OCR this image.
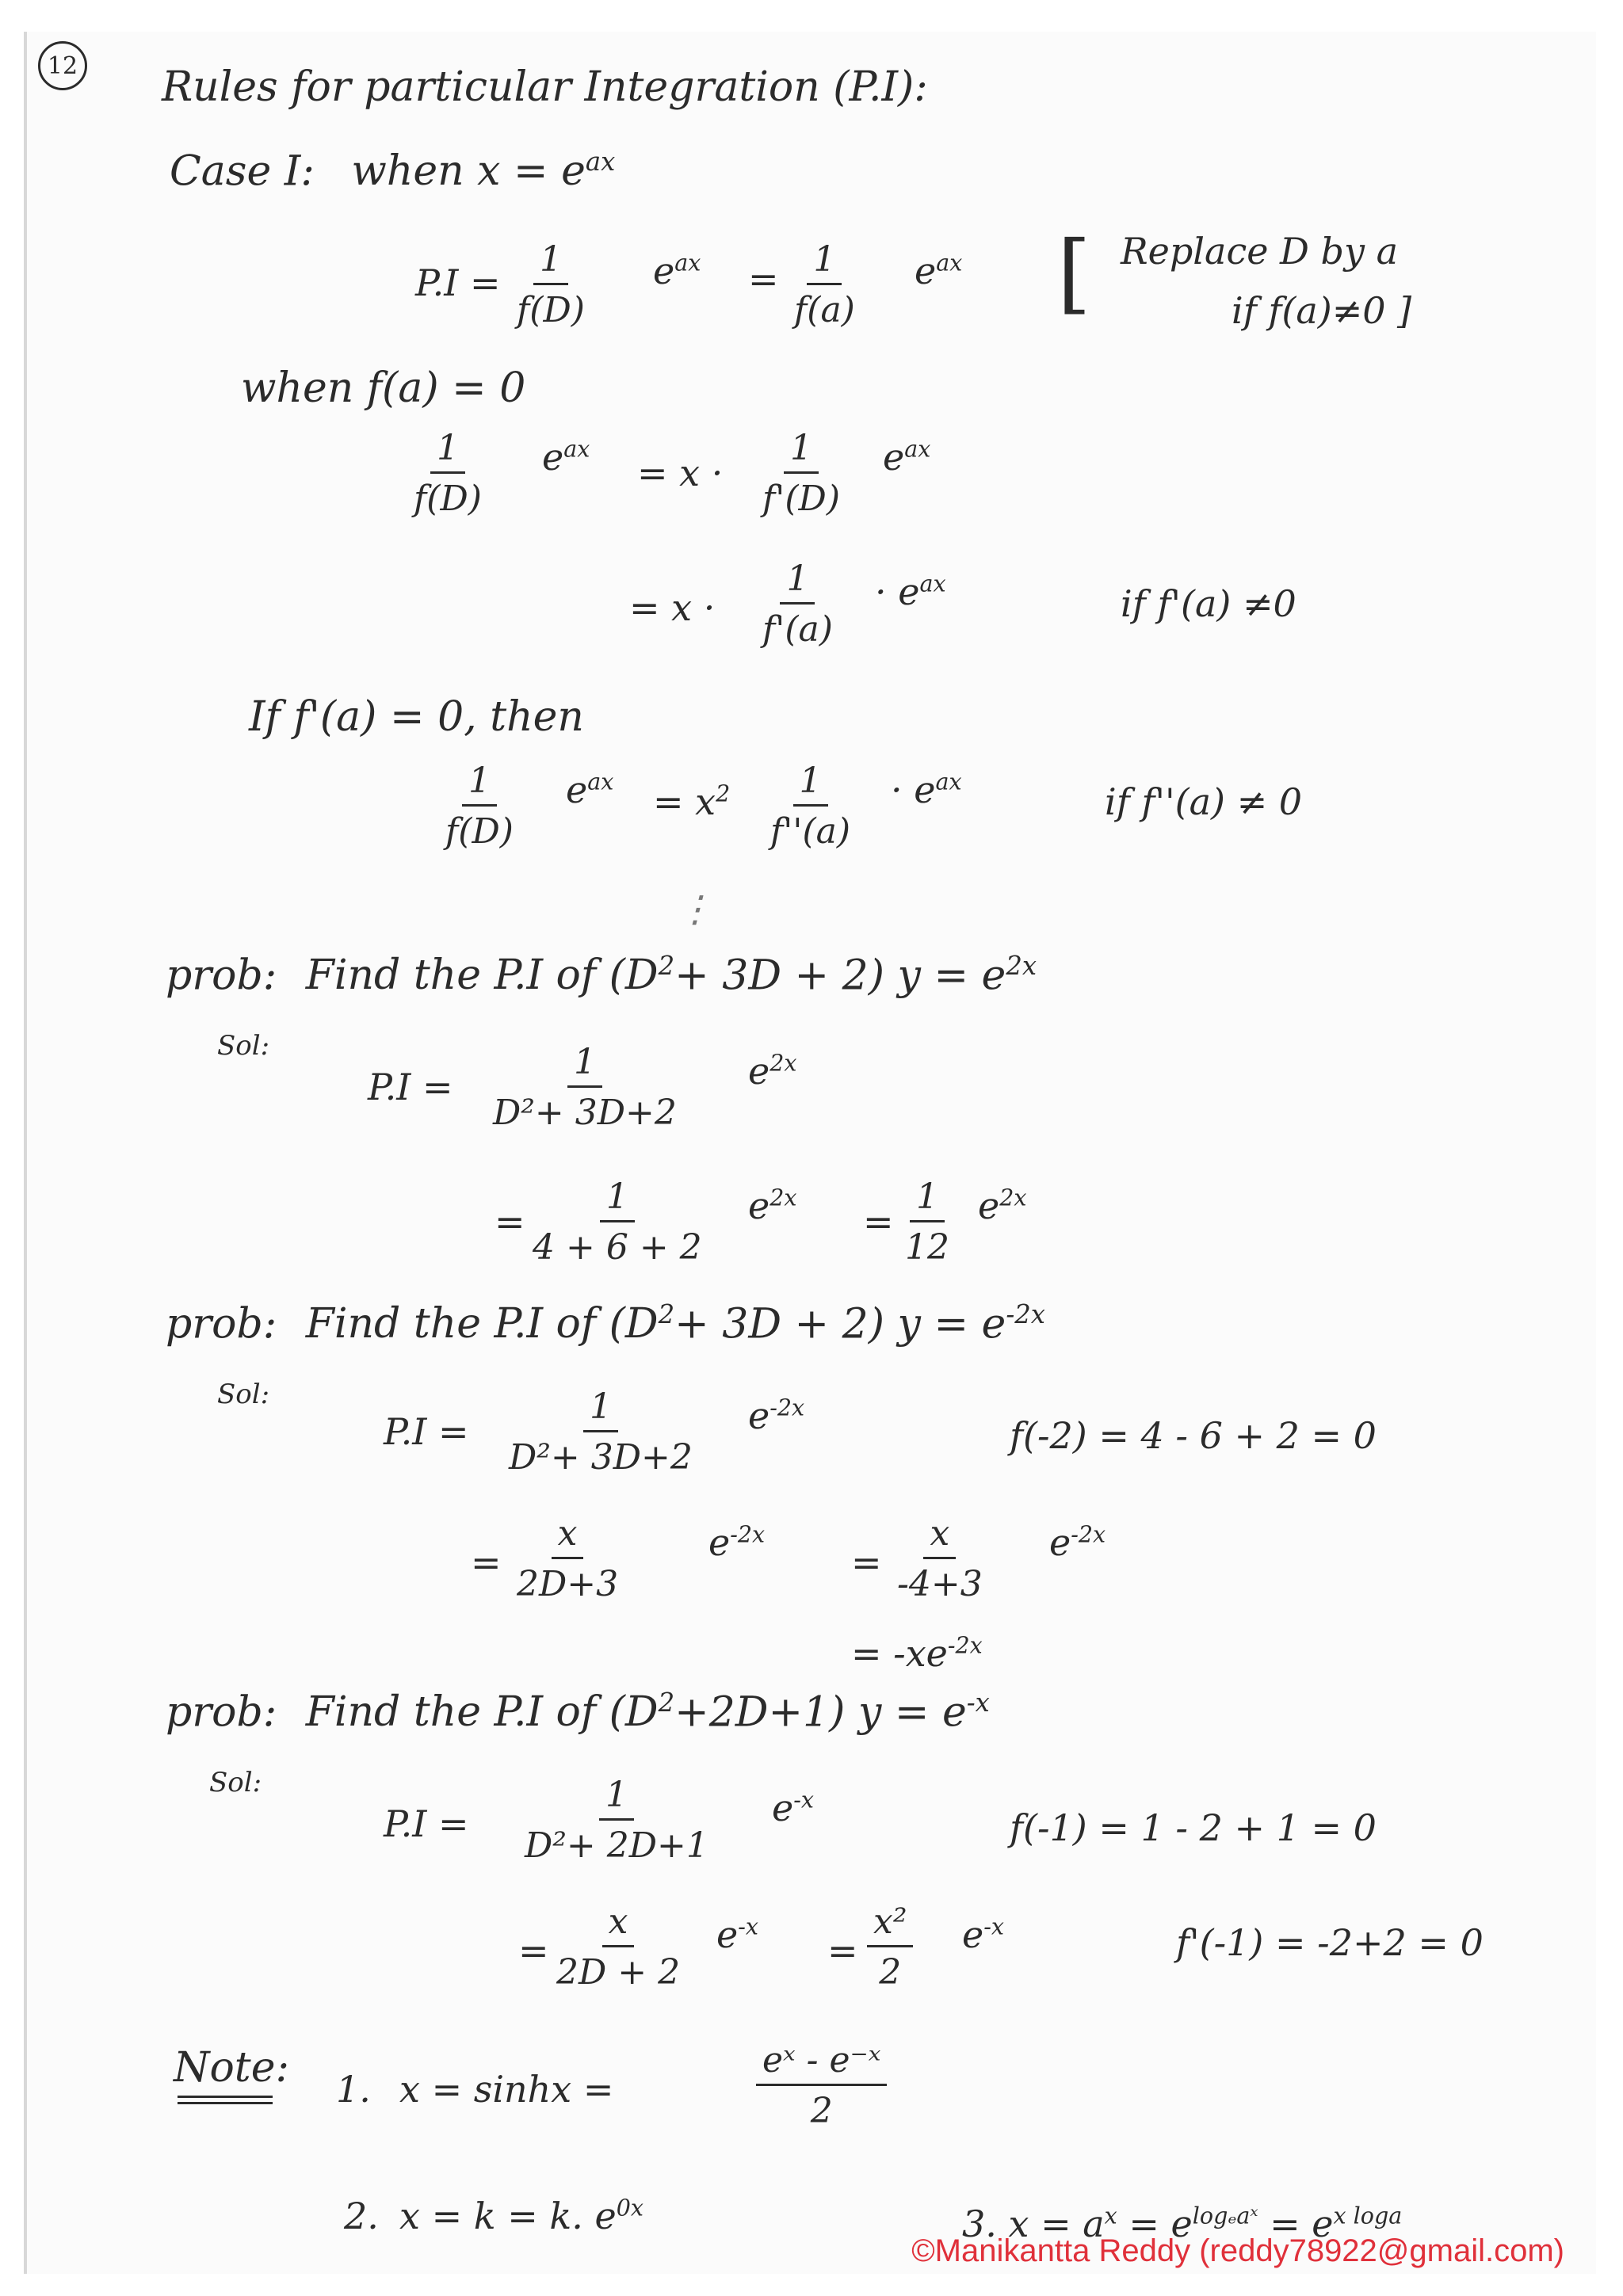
12 Rules for particular Integration (P.I):
Case I: when $x = e^{ax}$
$P.I = \frac{1}{f(D)} e^{ax} = \frac{1}{f(a)} e^{ax}$ [ Replace D by a
if f(a)≠0 ]
when f(a) = 0
$\frac{1}{f(D)} e^{ax}$
= $x \cdot \frac{1}{f'(D)} e^{ax}$
= $x \cdot \frac{1}{f'(a)} \cdot e^{ax}$	if f'(a) ≠0
If f'(a) = 0, then
$\frac{1}{f(D)} e^{ax} = x^2 \frac{1}{f''(a)} \cdot e^{ax}$	if f''(a) ≠ 0
⋮
prob: Find the P.I of $(D^2+ 3D + 2) y = e^{2x}$
Sol:
$P.I = \frac{1}{\text{D²+ 3D+2}} e^{2x}$
= $\frac{1}{4 + 6 + 2} e^{2x}$
= $\frac{1}{12} e^{2x}$
prob: Find the P.I of $(D^2+ 3D + 2) y = e^{-2x}$
Sol:
$P.I = \frac{1}{\text{D²+ 3D+2}} e^{-2x}$
f(-2) = 4 - 6 + 2 = 0
= $\frac{x}{2D+3} e^{-2x}$
= $\frac{x}{-4+3} e^{-2x}$
= $-xe^{-2x}$
prob: Find the P.I of $(D^2+2D+1) y = e^{-x}$
Sol:
$P.I = \frac{1}{\text{D²+ 2D+1}} e^{-x}$
f(-1) = 1 - 2 + 1 = 0
= $\frac{x}{2D + 2} e^{-x}$
= $\frac{\text{x²}}{2} e^{-x}$	f'(-1) = -2+2 = 0
Note: 1. x = sinhx =	$\frac{\text{eˣ - e⁻ˣ}}{2}$
2. x = k = k. $e^{0x}$	3. $x = a^x = e^{log_eaˣ} = e^{x loga}$
©Manikantta Reddy (reddy78922@gmail.com)
